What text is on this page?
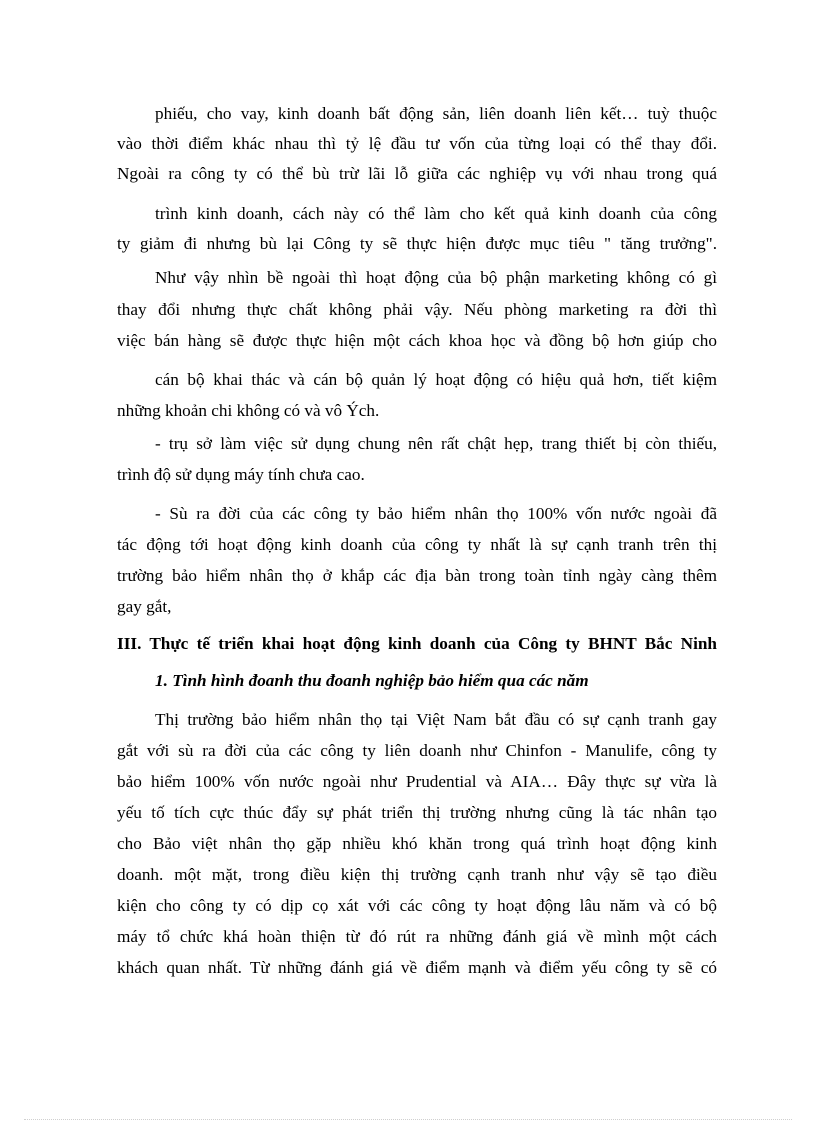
phiếu, cho vay, kinh doanh bất động sản, liên doanh liên kết… tuỳ thuộc
vào thời điểm khác nhau thì tỷ lệ đầu tư vốn của từng loại có thể thay đổi.
Ngoài ra công ty có thể bù trừ lãi lỗ giữa các nghiệp vụ với nhau trong quá
trình kinh doanh, cách này có thể làm cho kết quả kinh doanh của công
ty giảm đi nhưng bù lại Công ty sẽ thực hiện được mục tiêu " tăng trưởng".
Như vậy nhìn bề ngoài thì hoạt động của bộ phận marketing không có gì
thay đổi nhưng thực chất không phải vậy. Nếu phòng marketing ra đời thì
việc bán hàng sẽ được thực hiện một cách khoa học và đồng bộ hơn giúp cho
cán bộ khai thác và cán bộ quản lý hoạt động có hiệu quả hơn, tiết kiệm
những khoản chi không có và vô Ých.
- trụ sở làm việc sử dụng chung nên rất chật hẹp, trang thiết bị còn thiếu,
trình độ sử dụng máy tính chưa cao.
- Sù ra đời của các công ty bảo hiểm nhân thọ 100% vốn nước ngoài đã
tác động tới hoạt động kinh doanh của công ty nhất là sự cạnh tranh trên thị
trường bảo hiểm nhân thọ ở khắp các địa bàn trong toàn tỉnh ngày càng thêm
gay gắt,
III. Thực tế triển khai hoạt động kinh doanh của Công ty BHNT Bắc Ninh
1. Tình hình đoanh thu đoanh nghiệp bảo hiểm qua các năm
Thị trường bảo hiểm nhân thọ tại Việt Nam bắt đầu có sự cạnh tranh gay
gắt với sù ra đời của các công ty liên doanh như Chinfon - Manulife, công ty
bảo hiểm 100% vốn nước ngoài như Prudential và AIA… Đây thực sự vừa là
yếu tố tích cực thúc đẩy sự phát triển thị trường nhưng cũng là tác nhân tạo
cho Bảo việt nhân thọ gặp nhiều khó khăn trong quá trình hoạt động kinh
doanh. một mặt, trong điều kiện thị trường cạnh tranh như vậy sẽ tạo điều
kiện cho công ty có dịp cọ xát với các công ty hoạt động lâu năm và có bộ
máy tổ chức khá hoàn thiện từ đó rút ra những đánh giá về mình một cách
khách quan nhất. Từ những đánh giá về điểm mạnh và điểm yếu công ty sẽ có
